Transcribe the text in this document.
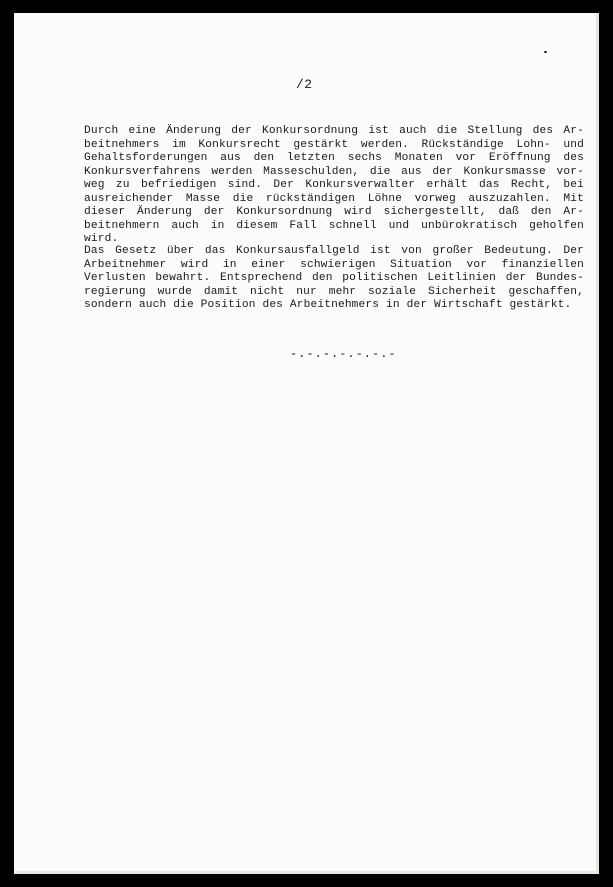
/2

Durch eine Änderung der Konkursordnung ist auch die Stellung des Ar-
beitnehmers im Konkursrecht gestärkt werden. Rückständige Lohn- und
Gehaltsforderungen aus den letzten sechs Monaten vor Eröffnung des
Konkursverfahrens werden Masseschulden, die aus der Konkursmasse vor-
weg zu befriedigen sind. Der Konkursverwalter erhält das Recht, bei
ausreichender Masse die rückständigen Löhne vorweg auszuzahlen. Mit
dieser Änderung der Konkursordnung wird sichergestellt, daß den Ar-
beitnehmern auch in diesem Fall schnell und unbürokratisch geholfen
wird.

Das Gesetz über das Konkursausfallgeld ist von großer Bedeutung. Der
Arbeitnehmer wird in einer schwierigen Situation vor finanziellen
Verlusten bewahrt. Entsprechend den politischen Leitlinien der Bundes-
regierung wurde damit nicht nur mehr soziale Sicherheit geschaffen,
sondern auch die Position des Arbeitnehmers in der Wirtschaft gestärkt.

-.-.-.-.-.-.-
